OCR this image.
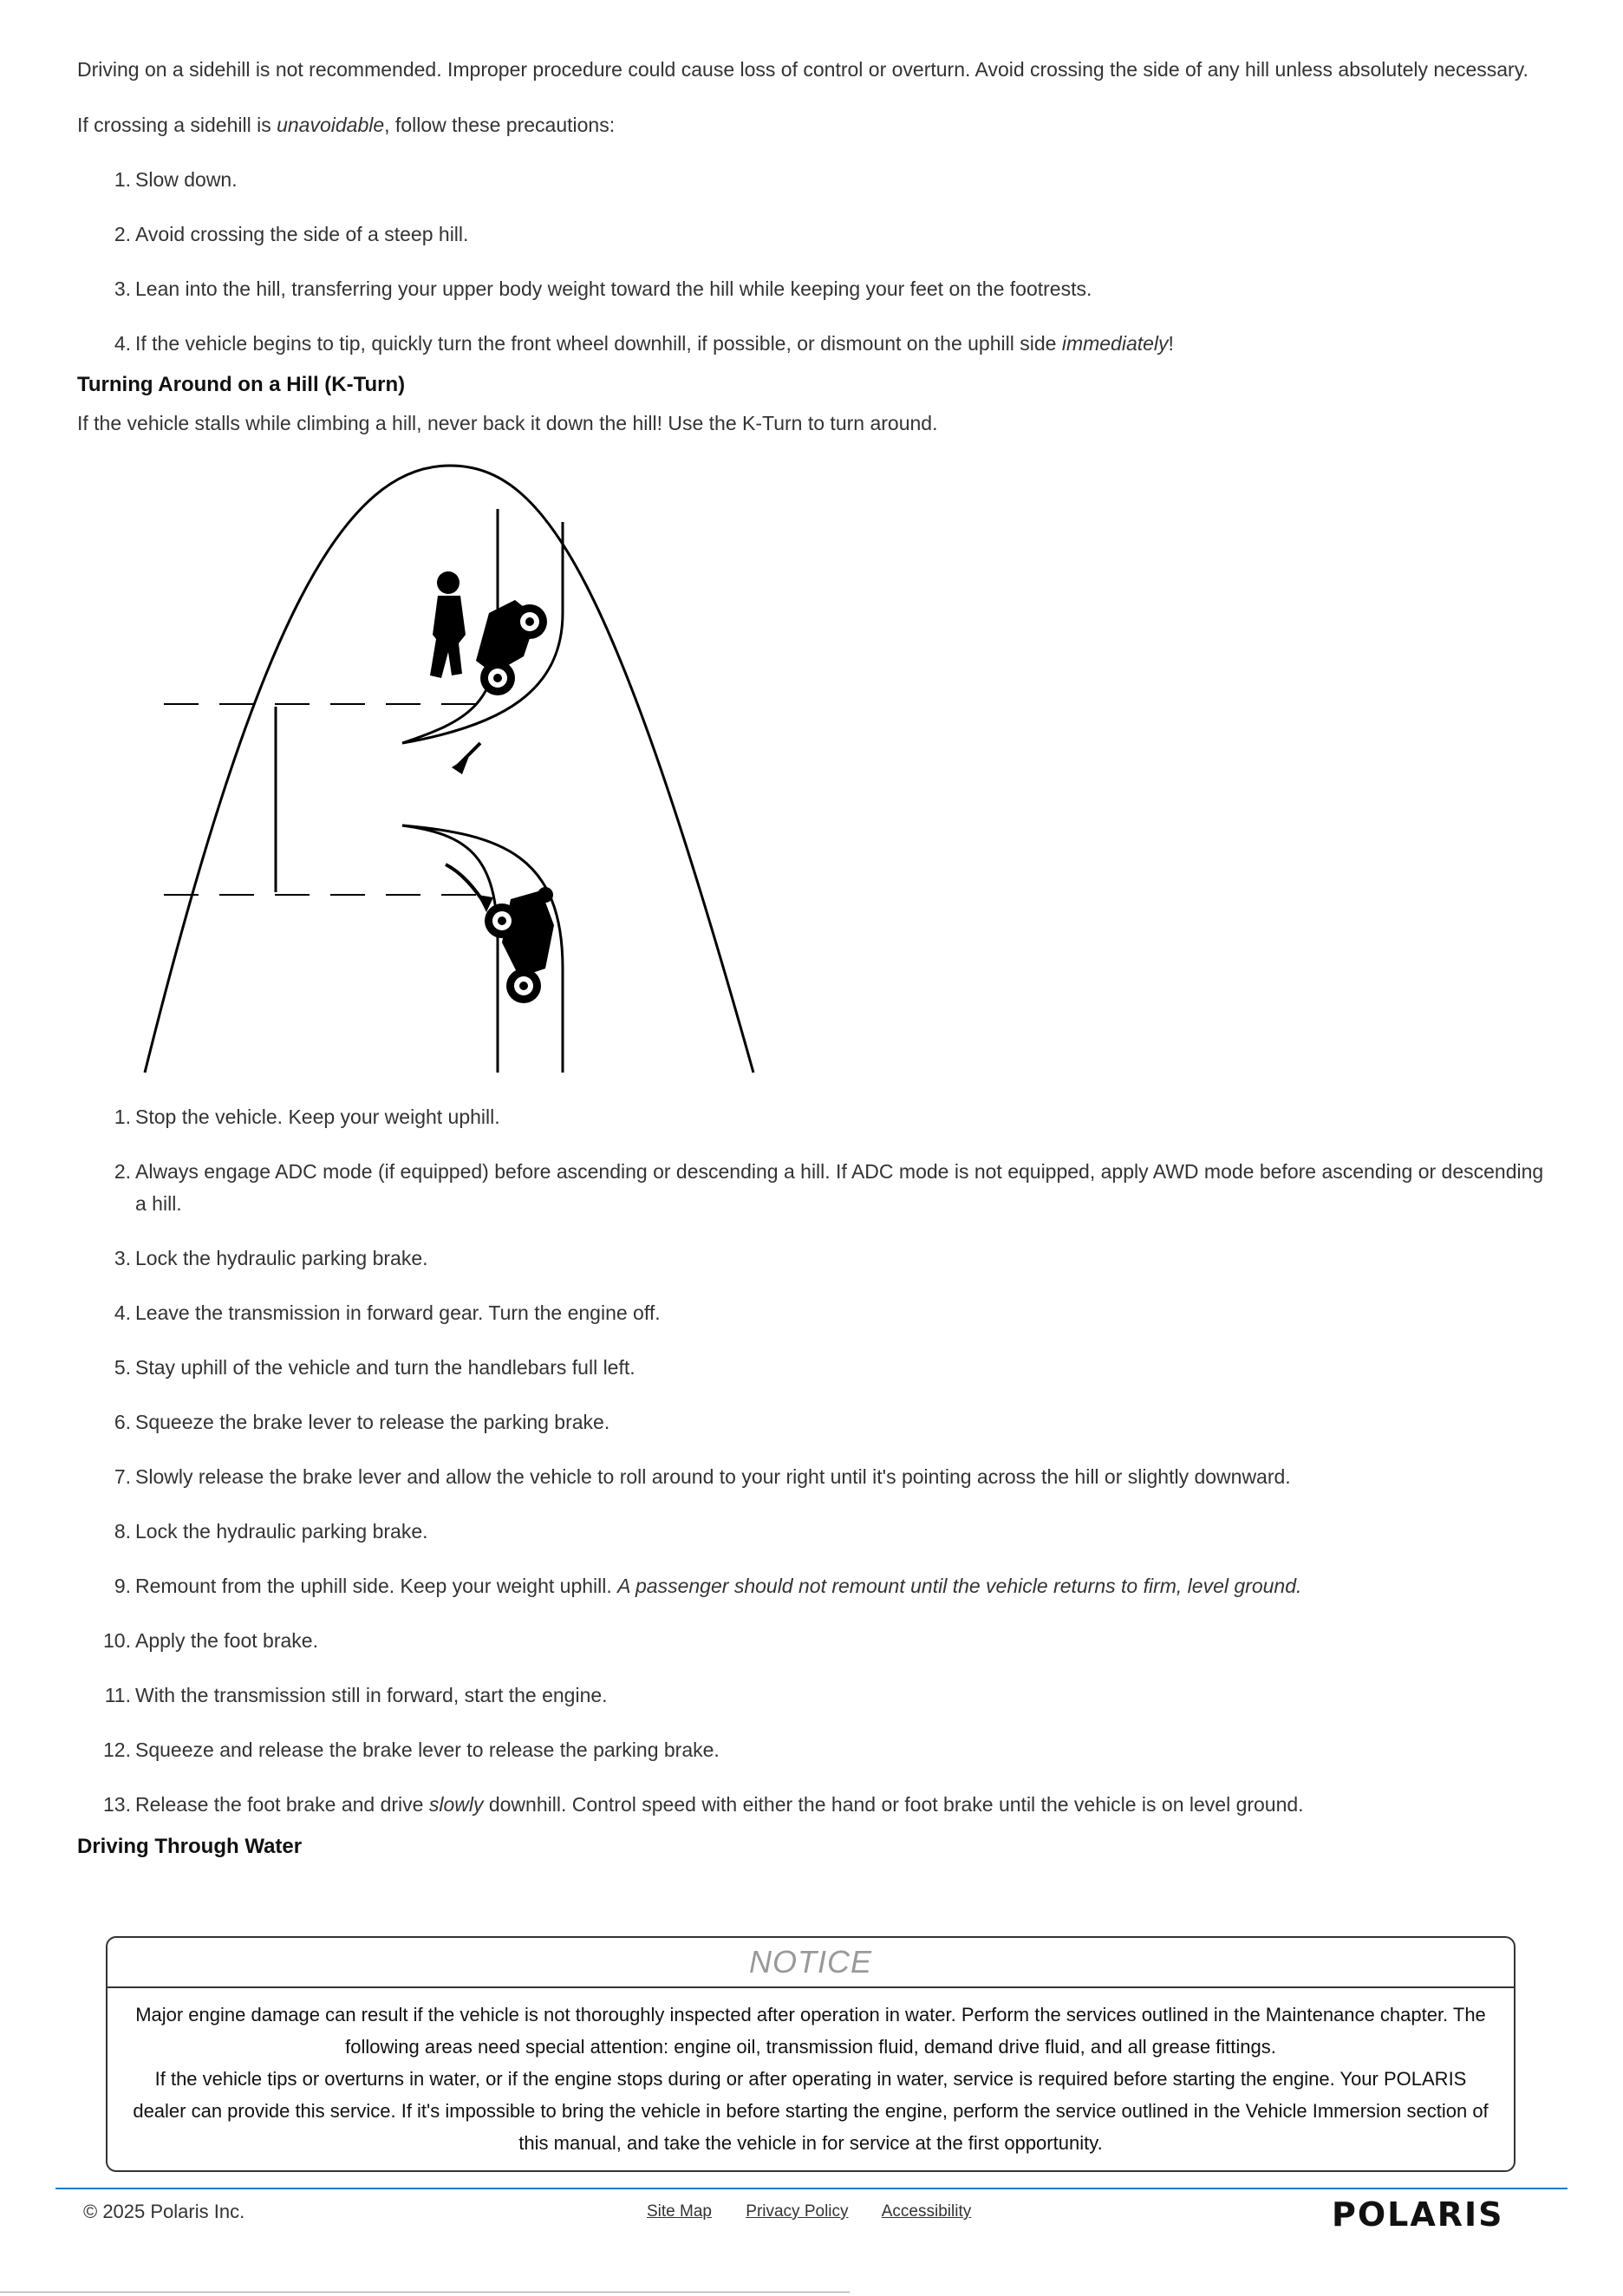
Driving on a sidehill is not recommended. Improper procedure could cause loss of control or overturn. Avoid crossing the side of any hill unless absolutely necessary.

If crossing a sidehill is unavoidable, follow these precautions:

1. Slow down.
2. Avoid crossing the side of a steep hill.
3. Lean into the hill, transferring your upper body weight toward the hill while keeping your feet on the footrests.
4. If the vehicle begins to tip, quickly turn the front wheel downhill, if possible, or dismount on the uphill side immediately!
Turning Around on a Hill (K-Turn)

If the vehicle stalls while climbing a hill, never back it down the hill! Use the K-Turn to turn around.

1. Stop the vehicle. Keep your weight uphill.
2. Always engage ADC mode (if equipped) before ascending or descending a hill. If ADC mode is not equipped, apply AWD mode before ascending or descending a hill.
3. Lock the hydraulic parking brake.
4. Leave the transmission in forward gear. Turn the engine off.
5. Stay uphill of the vehicle and turn the handlebars full left.
6. Squeeze the brake lever to release the parking brake.
7. Slowly release the brake lever and allow the vehicle to roll around to your right until it's pointing across the hill or slightly downward.
8. Lock the hydraulic parking brake.
9. Remount from the uphill side. Keep your weight uphill. A passenger should not remount until the vehicle returns to firm, level ground.
10. Apply the foot brake.
11. With the transmission still in forward, start the engine.
12. Squeeze and release the brake lever to release the parking brake.
13. Release the foot brake and drive slowly downhill. Control speed with either the hand or foot brake until the vehicle is on level ground.
Driving Through Water
NOTICE
Major engine damage can result if the vehicle is not thoroughly inspected after operation in water. Perform the services outlined in the Maintenance chapter. The following areas need special attention: engine oil, transmission fluid, demand drive fluid, and all grease fittings.
If the vehicle tips or overturns in water, or if the engine stops during or after operating in water, service is required before starting the engine. Your POLARIS dealer can provide this service. If it's impossible to bring the vehicle in before starting the engine, perform the service outlined in the Vehicle Immersion section of this manual, and take the vehicle in for service at the first opportunity.
© 2025 Polaris Inc.	Site Map Privacy Policy Accessibility	POLARIS
